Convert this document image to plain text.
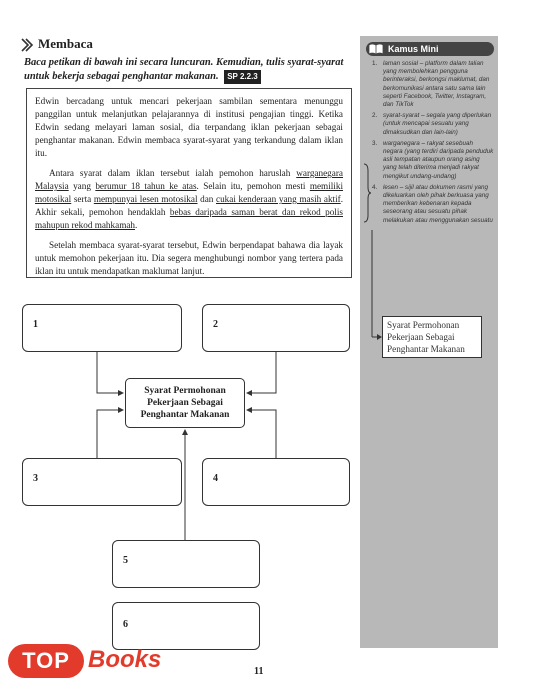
Membaca
Baca petikan di bawah ini secara luncuran. Kemudian, tulis syarat-syarat untuk bekerja sebagai penghantar makanan. SP 2.2.3

Edwin bercadang untuk mencari pekerjaan sambilan sementara menunggu panggilan untuk melanjutkan pelajarannya di institusi pengajian tinggi. Ketika Edwin sedang melayari laman sosial, dia terpandang iklan pekerjaan sebagai penghantar makanan. Edwin membaca syarat-syarat yang terkandung dalam iklan itu.

Antara syarat dalam iklan tersebut ialah pemohon haruslah warganegara Malaysia yang berumur 18 tahun ke atas. Selain itu, pemohon mesti memiliki motosikal serta mempunyai lesen motosikal dan cukai kenderaan yang masih aktif. Akhir sekali, pemohon hendaklah bebas daripada saman berat dan rekod polis mahupun rekod mahkamah.

Setelah membaca syarat-syarat tersebut, Edwin berpendapat bahawa dia layak untuk memohon pekerjaan itu. Dia segera menghubungi nombor yang tertera pada iklan itu untuk mendapatkan maklumat lanjut.

Kamus Mini
1. laman sosial – platform dalam talian yang membolehkan pengguna berinteraksi, berkongsi maklumat, dan berkomunikasi antara satu sama lain seperti Facebook, Twitter, Instagram, dan TikTok
2. syarat-syarat – segala yang diperlukan (untuk mencapai sesuatu yang dimaksudkan dan lain-lain)
3. warganegara – rakyat sesebuah negara (yang terdiri daripada penduduk asli tempatan ataupun orang asing yang telah diterima menjadi rakyat mengikut undang-undang)
4. lesen – sijil atau dokumen rasmi yang dikeluarkan oleh pihak berkuasa yang memberikan kebenaran kepada seseorang atau sesuatu pihak melakukan atau menggunakan sesuatu
Syarat Permohonan Pekerjaan Sebagai Penghantar Makanan
1	2
Syarat Permohonan Pekerjaan Sebagai Penghantar Makanan
3	4
5
6
11
TOP Books
